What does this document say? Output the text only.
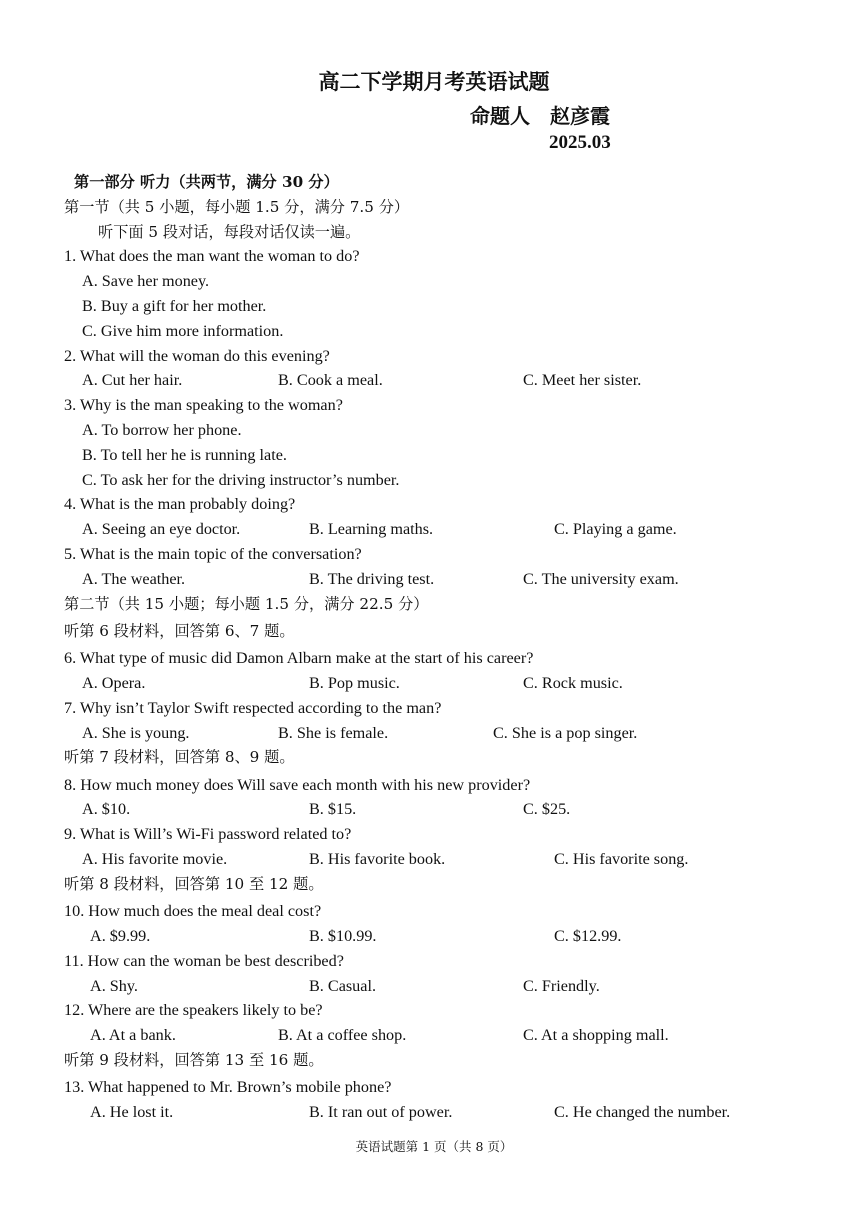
高二下学期月考英语试题
命题人　赵彦霞
2025.03
第一部分 听力（共两节，满分 30 分）
第一节（共 5 小题，每小题 1.5 分，满分 7.5 分）
听下面 5 段对话，每段对话仅读一遍。
1. What does the man want the woman to do?
A. Save her money.
B. Buy a gift for her mother.
C. Give him more information.
2. What will the woman do this evening?
A. Cut her hair.	B. Cook a meal.	C. Meet her sister.
3. Why is the man speaking to the woman?
A. To borrow her phone.
B. To tell her he is running late.
C. To ask her for the driving instructor’s number.
4. What is the man probably doing?
A. Seeing an eye doctor.	B. Learning maths.	C. Playing a game.
5. What is the main topic of the conversation?
A. The weather.	B. The driving test.	C. The university exam.
第二节（共 15 小题；每小题 1.5 分，满分 22.5 分）
听第 6 段材料，回答第 6、7 题。
6. What type of music did Damon Albarn make at the start of his career?
A. Opera.	B. Pop music.	C. Rock music.
7. Why isn’t Taylor Swift respected according to the man?
A. She is young.	B. She is female.	C. She is a pop singer.
听第 7 段材料，回答第 8、9 题。
8. How much money does Will save each month with his new provider?
A. $10.	B. $15.	C. $25.
9. What is Will’s Wi-Fi password related to?
A. His favorite movie.	B. His favorite book.	C. His favorite song.
听第 8 段材料，回答第 10 至 12 题。
10. How much does the meal deal cost?
A. $9.99.	B. $10.99.	C. $12.99.
11. How can the woman be best described?
A. Shy.	B. Casual.	C. Friendly.
12. Where are the speakers likely to be?
A. At a bank.	B. At a coffee shop.	C. At a shopping mall.
听第 9 段材料，回答第 13 至 16 题。
13. What happened to Mr. Brown’s mobile phone?
A. He lost it.	B. It ran out of power.	C. He changed the number.
英语试题第 1 页（共 8 页）
